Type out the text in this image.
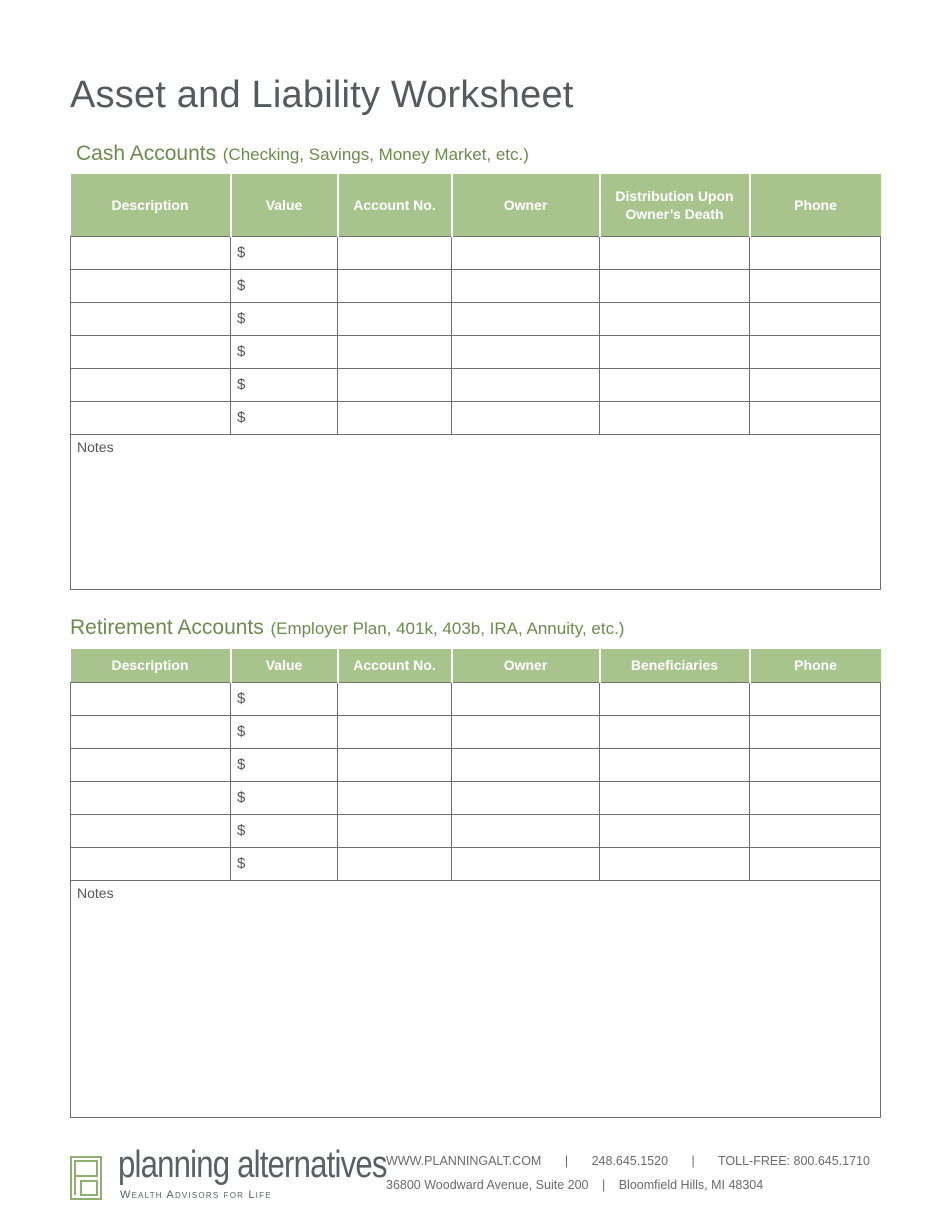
Asset and Liability Worksheet
Cash Accounts (Checking, Savings, Money Market, etc.)
Description	Value	Account No.	Owner	Distribution Upon Owner’s Death	Phone
	$				
	$				
	$				
	$				
	$				
	$				
Notes					
Retirement Accounts (Employer Plan, 401k, 403b, IRA, Annuity, etc.)
Description	Value	Account No.	Owner	Beneficiaries	Phone
	$				
	$				
	$				
	$				
	$				
	$				
Notes					
planning alternatives
Wealth Advisors for Life
WWW.PLANNINGALT.COM | 248.645.1520 | TOLL-FREE: 800.645.1710
36800 Woodward Avenue, Suite 200 | Bloomfield Hills, MI 48304
